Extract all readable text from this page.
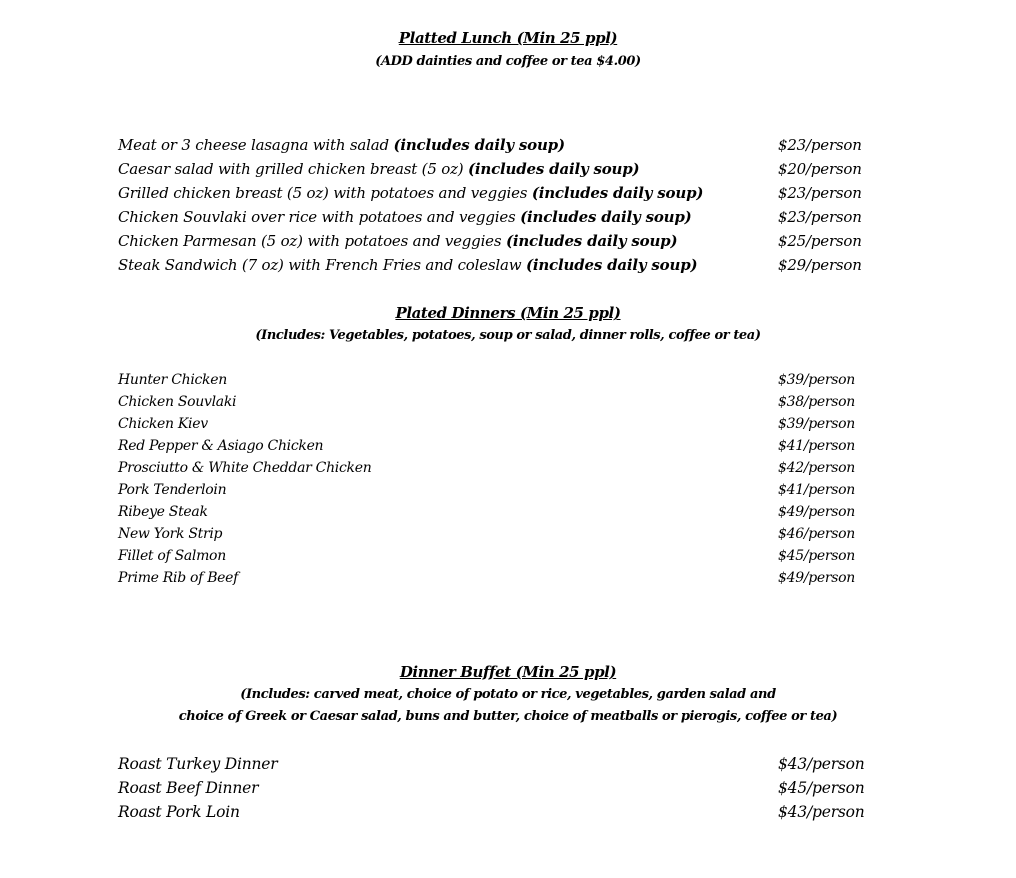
Platted Lunch (Min 25 ppl)
(ADD dainties and coffee or tea $4.00)
Meat or 3 cheese lasagna with salad (includes daily soup)	$23/person
Caesar salad with grilled chicken breast (5 oz) (includes daily soup)	$20/person
Grilled chicken breast (5 oz) with potatoes and veggies (includes daily soup)	$23/person
Chicken Souvlaki over rice with potatoes and veggies (includes daily soup)	$23/person
Chicken Parmesan (5 oz) with potatoes and veggies (includes daily soup)	$25/person
Steak Sandwich (7 oz) with French Fries and coleslaw (includes daily soup)	$29/person
Plated Dinners (Min 25 ppl)
(Includes: Vegetables, potatoes, soup or salad, dinner rolls, coffee or tea)
Hunter Chicken	$39/person
Chicken Souvlaki	$38/person
Chicken Kiev	$39/person
Red Pepper & Asiago Chicken	$41/person
Prosciutto & White Cheddar Chicken	$42/person
Pork Tenderloin	$41/person
Ribeye Steak	$49/person
New York Strip	$46/person
Fillet of Salmon	$45/person
Prime Rib of Beef	$49/person
Dinner Buffet (Min 25 ppl)
(Includes: carved meat, choice of potato or rice, vegetables, garden salad and
choice of Greek or Caesar salad, buns and butter, choice of meatballs or pierogis, coffee or tea)
Roast Turkey Dinner	$43/person
Roast Beef Dinner	$45/person
Roast Pork Loin	$43/person
